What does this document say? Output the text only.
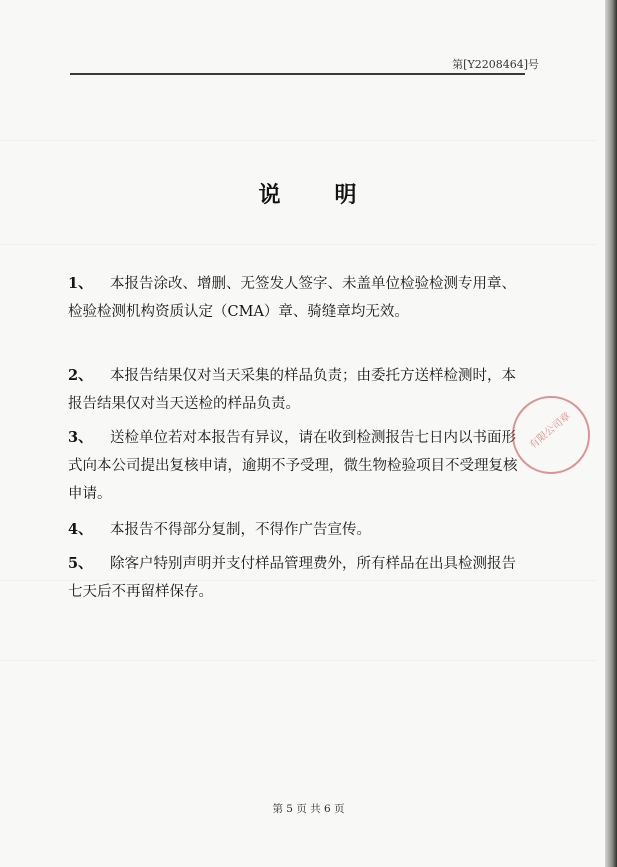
第[Y2208464]号
说 明
1、 本报告涂改、增删、无签发人签字、未盖单位检验检测专用章、检验检测机构资质认定（CMA）章、骑缝章均无效。
2、 本报告结果仅对当天采集的样品负责；由委托方送样检测时，本报告结果仅对当天送检的样品负责。
3、 送检单位若对本报告有异议，请在收到检测报告七日内以书面形式向本公司提出复核申请，逾期不予受理，微生物检验项目不受理复核申请。
4、 本报告不得部分复制，不得作广告宣传。
5、 除客户特别声明并支付样品管理费外，所有样品在出具检测报告七天后不再留样保存。
有限公司章
第 5 页 共 6 页
